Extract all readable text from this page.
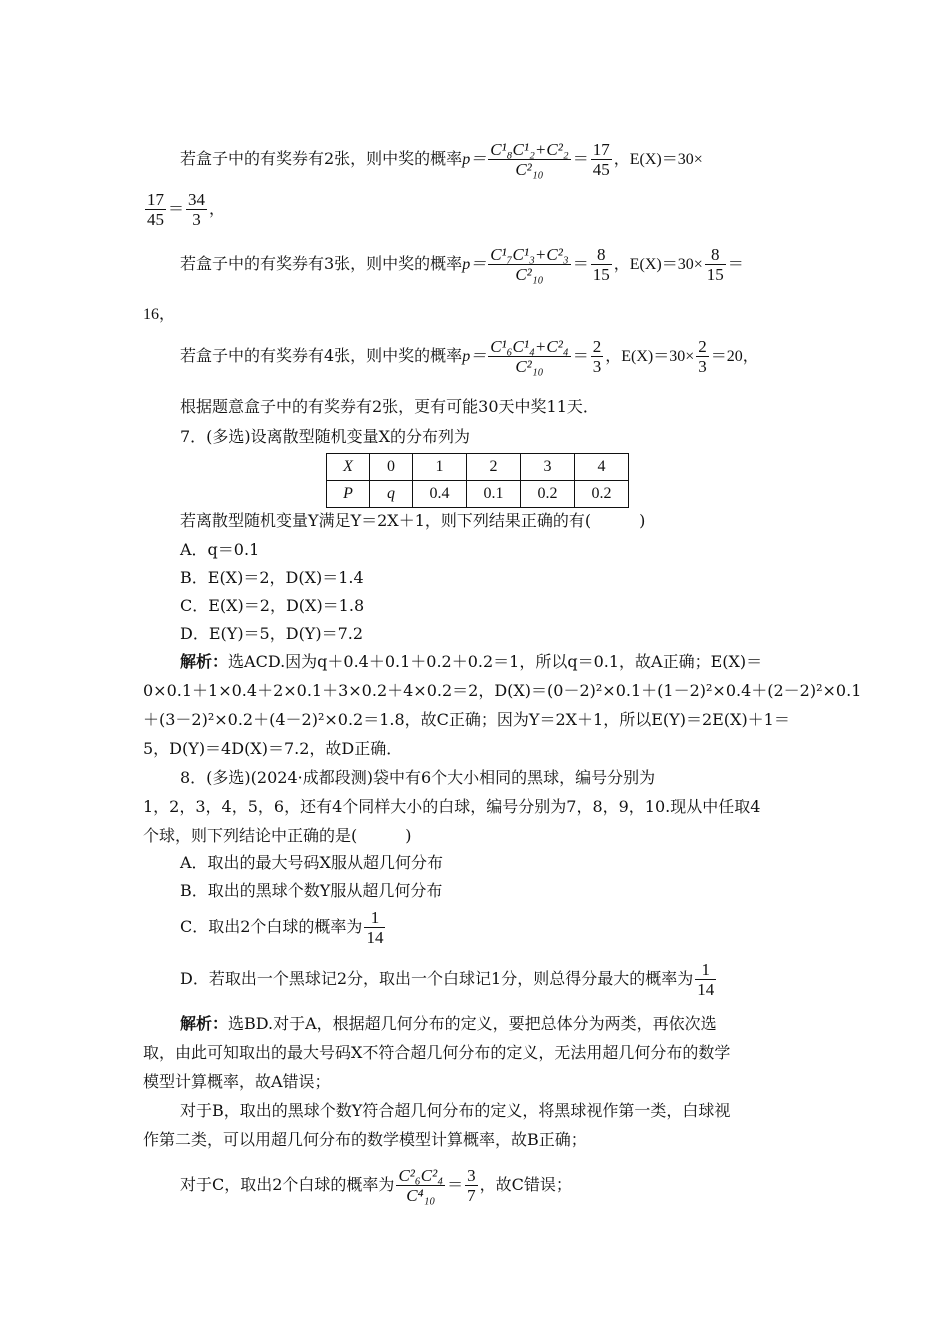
若盒子中的有奖券有2张，则中奖的概率$p= \frac{\text{C¹₈C¹₂+C²₂}}{\text{C²₁₀}} = \frac{17}{45}$ ，E(X)＝30×
$\frac{17}{45} = \frac{34}{3}$ ，
若盒子中的有奖券有3张，则中奖的概率$p= \frac{\text{C¹₇C¹₃+C²₃}}{\text{C²₁₀}} = \frac{8}{15}$ ，$E(X)=30\times \frac{8}{15}$ ＝
16，
若盒子中的有奖券有4张，则中奖的概率$p= \frac{\text{C¹₆C¹₄+C²₄}}{\text{C²₁₀}} = \frac{2}{3}$ ，$E(X)=30\times \frac{2}{3} =20$，
根据题意盒子中的有奖券有2张，更有可能30天中奖11天．
7．(多选)设离散型随机变量X的分布列为
X	0	1	2	3	4
P	q	0.4	0.1	0.2	0.2
若离散型随机变量Y满足Y＝2X＋1，则下列结果正确的有(　　　)
A．q＝0.1
B．E(X)＝2，D(X)＝1.4
C．E(X)＝2，D(X)＝1.8
D．E(Y)＝5，D(Y)＝7.2
解析：选ACD.因为q＋0.4＋0.1＋0.2＋0.2＝1，所以q＝0.1，故A正确；E(X)＝
0×0.1＋1×0.4＋2×0.1＋3×0.2＋4×0.2＝2，D(X)＝(0－2)²×0.1＋(1－2)²×0.4＋(2－2)²×0.1
＋(3－2)²×0.2＋(4－2)²×0.2＝1.8，故C正确；因为Y＝2X＋1，所以E(Y)＝2E(X)＋1＝
5，D(Y)＝4D(X)＝7.2，故D正确．
8．(多选)(2024·成都段测)袋中有6个大小相同的黑球，编号分别为
1，2，3，4，5，6，还有4个同样大小的白球，编号分别为7，8，9，10.现从中任取4
个球，则下列结论中正确的是(　　　)
A．取出的最大号码X服从超几何分布
B．取出的黑球个数Y服从超几何分布
C．取出2个白球的概率为 $\frac{1}{14}$
D．若取出一个黑球记2分，取出一个白球记1分，则总得分最大的概率为 $\frac{1}{14}$
解析：选BD.对于A，根据超几何分布的定义，要把总体分为两类，再依次选
取，由此可知取出的最大号码X不符合超几何分布的定义，无法用超几何分布的数学
模型计算概率，故A错误；
对于B，取出的黑球个数Y符合超几何分布的定义，将黑球视作第一类，白球视
作第二类，可以用超几何分布的数学模型计算概率，故B正确；
对于C，取出2个白球的概率为 $\frac{\text{C²₆C²₄}}{\text{C⁴₁₀}} = \frac{3}{7}$ ，故C错误；
